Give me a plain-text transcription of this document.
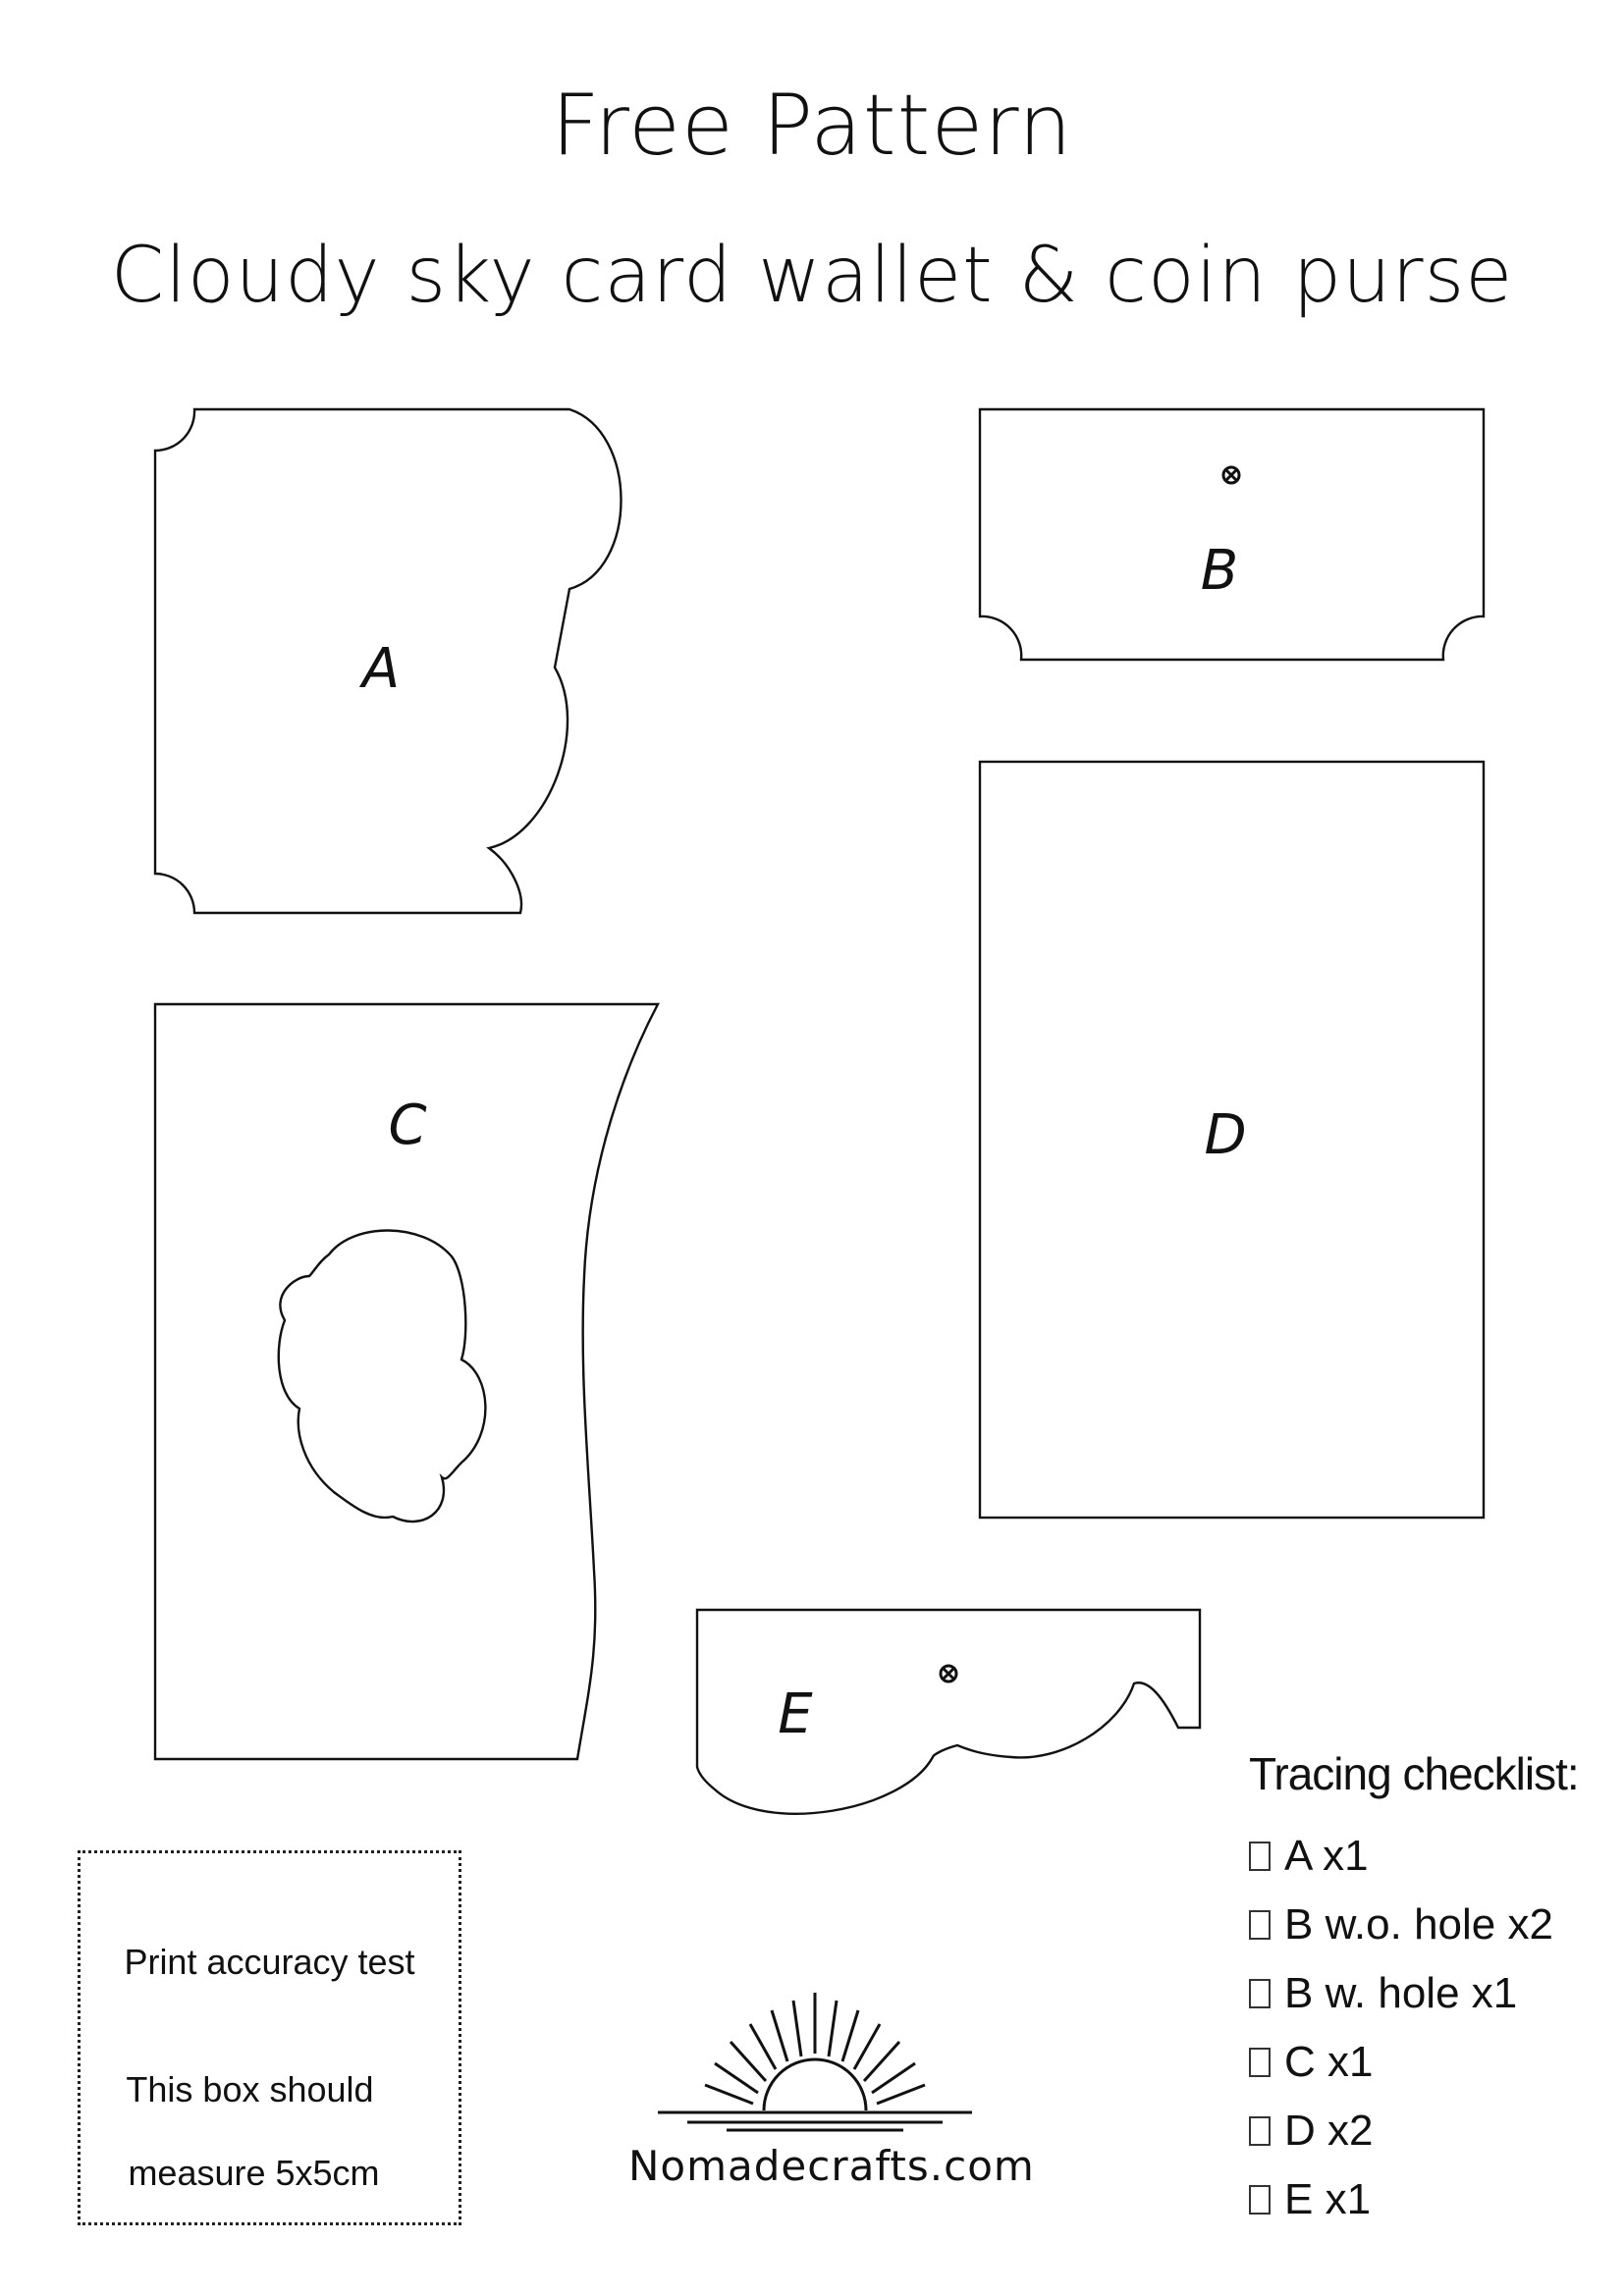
Free Pattern
Cloudy sky card wallet & coin purse
A
B
C	D
E
Print accuracy test
This box should
measure 5x5cm	Nomadecrafts.com
Tracing checklist:
A x1
B w.o. hole x2
B w. hole x1
C x1
D x2
E x1
